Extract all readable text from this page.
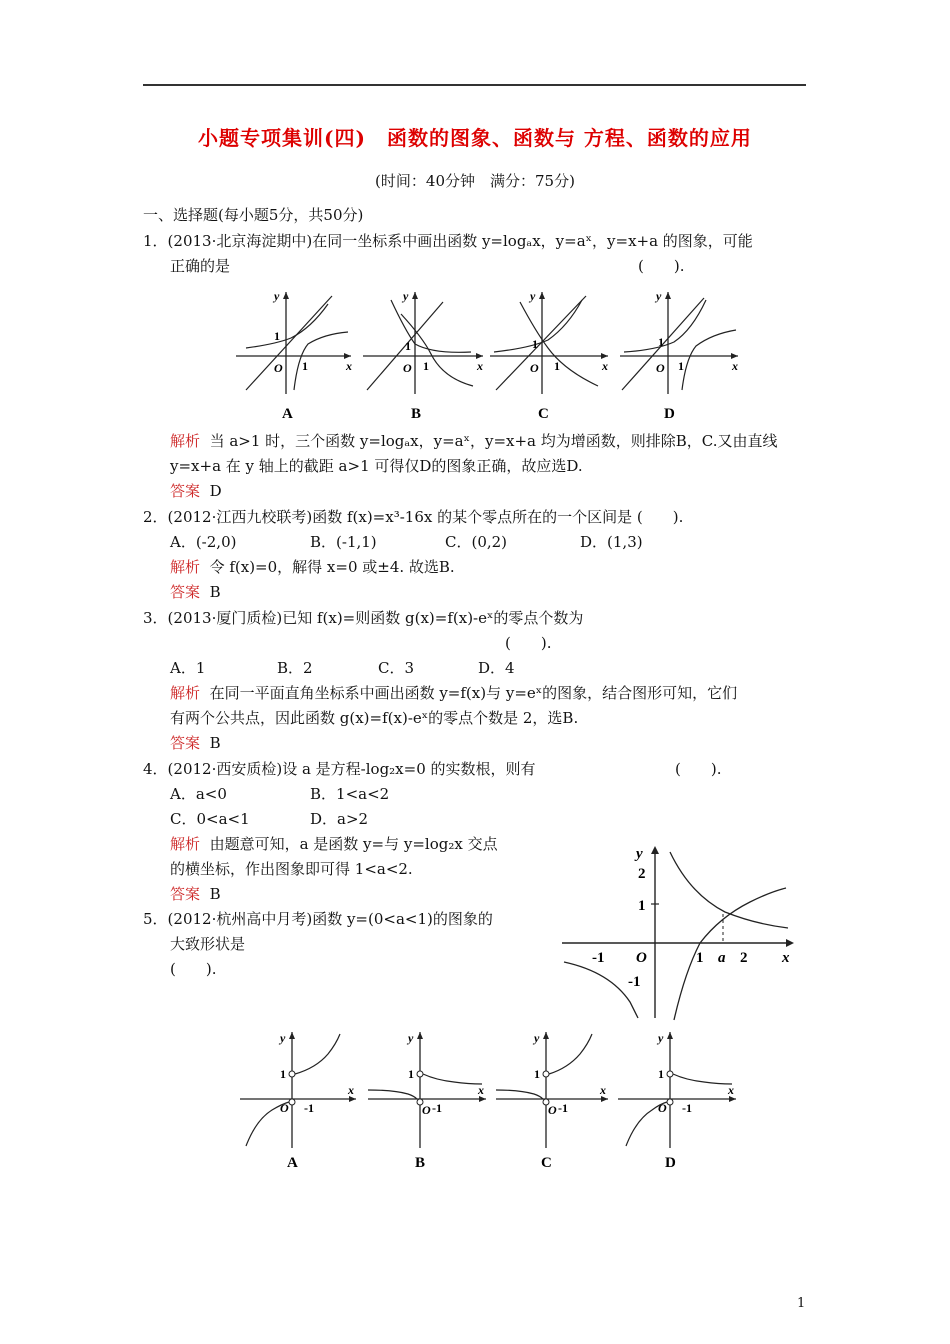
小题专项集训(四)　函数的图象、函数与 方程、函数的应用
(时间：40分钟　满分：75分)
一、选择题(每小题5分，共50分)
1．(2013·北京海淀期中)在同一坐标系中画出函数 y=logₐx，y=aˣ，y=x+a 的图象，可能
正确的是	(　　).
y
x
O
1
1
A
y
x
O
1
1
B
y
x
O
1
1
C
y
x
O
1
1
D
解析 当 a>1 时，三个函数 y=logₐx，y=aˣ，y=x+a 均为增函数，则排除B，C.又由直线
y=x+a 在 y 轴上的截距 a>1 可得仅D的图象正确，故应选D.
答案 D
2．(2012·江西九校联考)函数 f(x)=x³-16x 的某个零点所在的一个区间是 (　　).
A．(-2,0)	B．(-1,1)	C．(0,2)	D．(1,3)
解析 令 f(x)=0，解得 x=0 或±4. 故选B.
答案 B
3．(2013·厦门质检)已知 f(x)=则函数 g(x)=f(x)-eˣ的零点个数为
(　　).
A．1	B．2	C．3	D．4
解析 在同一平面直角坐标系中画出函数 y=f(x)与 y=eˣ的图象，结合图形可知，它们
有两个公共点，因此函数 g(x)=f(x)-eˣ的零点个数是 2，选B.
答案 B
4．(2012·西安质检)设 a 是方程-log₂x=0 的实数根，则有	(　　).
A．a<0	B．1<a<2
C．0<a<1	D．a>2
解析 由题意可知，a 是函数 y=与 y=log₂x 交点
的横坐标，作出图象即可得 1<a<2.
答案 B
y
x
O
2
1
-1
-1	1 a 2
5．(2012·杭州高中月考)函数 y=(0<a<1)的图象的
大致形状是
(　　).
y
x
1
O -1
A
y
x
1
O -1
B
y
x
1
O -1
C
y
x
1
O -1
D
1
